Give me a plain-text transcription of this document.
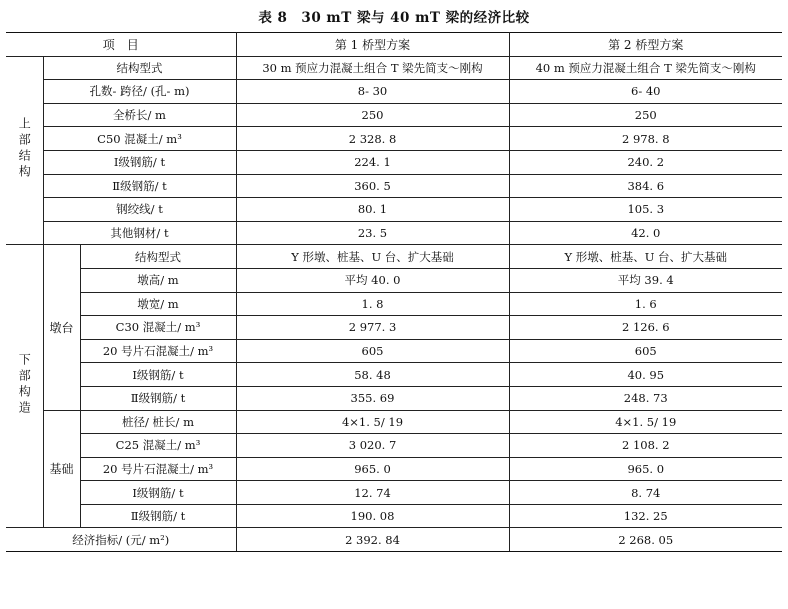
表 8　30 mT 梁与 40 mT 梁的经济比较
项　目			第 1 桥型方案	第 2 桥型方案
上部结构	结构型式		30 m 预应力混凝土组合 T 梁先简支～刚构	40 m 预应力混凝土组合 T 梁先简支～刚构
	孔数- 跨径/ (孔- m)		8- 30	6- 40
	全桥长/ m		250	250
	C50 混凝土/ m³		2 328. 8	2 978. 8
	Ⅰ级钢筋/ t		224. 1	240. 2
	Ⅱ级钢筋/ t		360. 5	384. 6
	钢绞线/ t		80. 1	105. 3
	其他钢材/ t		23. 5	42. 0
下部构造	墩台	结构型式	Y 形墩、桩基、U 台、扩大基础	Y 形墩、桩基、U 台、扩大基础
		墩高/ m	平均 40. 0	平均 39. 4
		墩宽/ m	1. 8	1. 6
		C30 混凝土/ m³	2 977. 3	2 126. 6
		20 号片石混凝土/ m³	605	605
		Ⅰ级钢筋/ t	58. 48	40. 95
		Ⅱ级钢筋/ t	355. 69	248. 73
	基础	桩径/ 桩长/ m	4×1. 5/ 19	4×1. 5/ 19
		C25 混凝土/ m³	3 020. 7	2 108. 2
		20 号片石混凝土/ m³	965. 0	965. 0
		Ⅰ级钢筋/ t	12. 74	8. 74
		Ⅱ级钢筋/ t	190. 08	132. 25
经济指标/ (元/ m²)			2 392. 84	2 268. 05
